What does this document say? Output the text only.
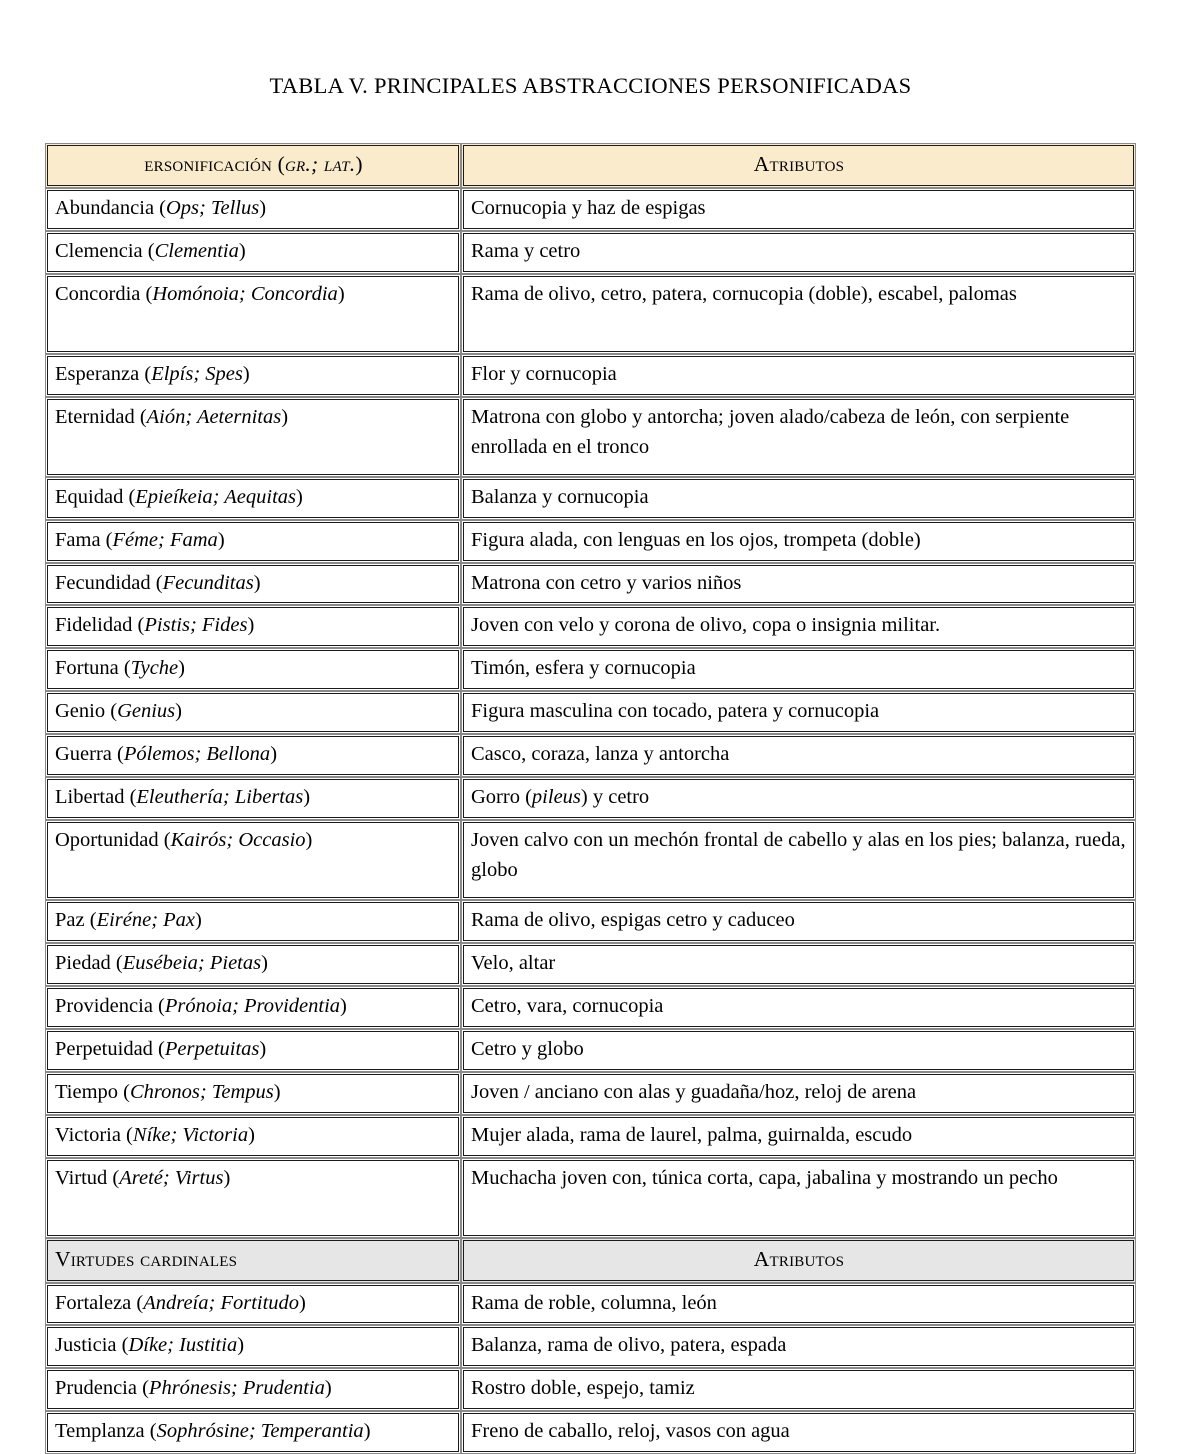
TABLA V. PRINCIPALES ABSTRACCIONES PERSONIFICADAS
ersonificación (gr.; lat.)	Atributos
Abundancia (Ops; Tellus)	Cornucopia y haz de espigas
Clemencia (Clementia)	Rama y cetro
Concordia (Homónoia; Concordia)	Rama de olivo, cetro, patera, cornucopia (doble), escabel, palomas
Esperanza (Elpís; Spes)	Flor y cornucopia
Eternidad (Aión; Aeternitas)	Matrona con globo y antorcha; joven alado/cabeza de león, con serpiente enrollada en el tronco
Equidad (Epieíkeia; Aequitas)	Balanza y cornucopia
Fama (Féme; Fama)	Figura alada, con lenguas en los ojos, trompeta (doble)
Fecundidad (Fecunditas)	Matrona con cetro y varios niños
Fidelidad (Pistis; Fides)	Joven con velo y corona de olivo, copa o insignia militar.
Fortuna (Tyche)	Timón, esfera y cornucopia
Genio (Genius)	Figura masculina con tocado, patera y cornucopia
Guerra (Pólemos; Bellona)	Casco, coraza, lanza y antorcha
Libertad (Eleuthería; Libertas)	Gorro (pileus) y cetro
Oportunidad (Kairós; Occasio)	Joven calvo con un mechón frontal de cabello y alas en los pies; balanza, rueda, globo
Paz (Eiréne; Pax)	Rama de olivo, espigas cetro y caduceo
Piedad (Eusébeia; Pietas)	Velo, altar
Providencia (Prónoia; Providentia)	Cetro, vara, cornucopia
Perpetuidad (Perpetuitas)	Cetro y globo
Tiempo (Chronos; Tempus)	Joven / anciano con alas y guadaña/hoz, reloj de arena
Victoria (Níke; Victoria)	Mujer alada, rama de laurel, palma, guirnalda, escudo
Virtud (Areté; Virtus)	Muchacha joven con, túnica corta, capa, jabalina y mostrando un pecho
Virtudes cardinales	Atributos
Fortaleza (Andreía; Fortitudo)	Rama de roble, columna, león
Justicia (Díke; Iustitia)	Balanza, rama de olivo, patera, espada
Prudencia (Phrónesis; Prudentia)	Rostro doble, espejo, tamiz
Templanza (Sophrósine; Temperantia)	Freno de caballo, reloj, vasos con agua
